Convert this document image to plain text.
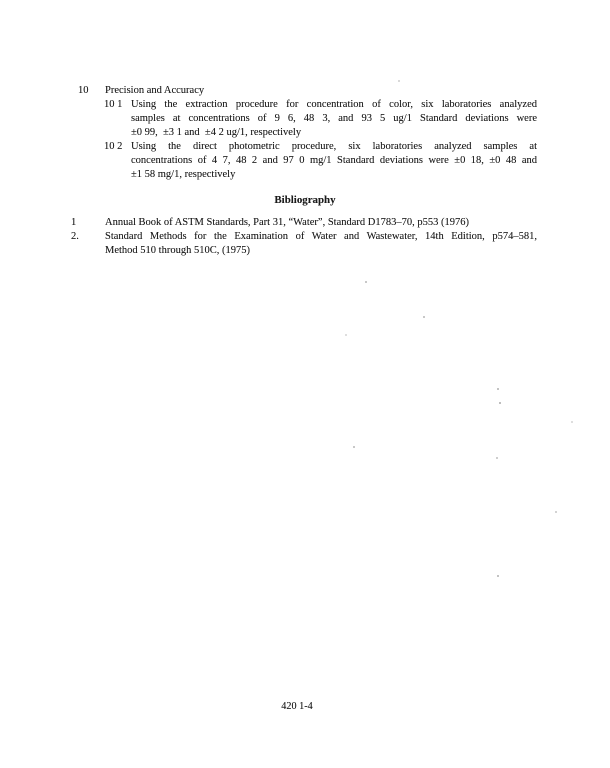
10 Precision and Accuracy
10 1 Using the extraction procedure for concentration of color, six laboratories analyzed
samples at concentrations of 9 6, 48 3, and 93 5 ug/1 Standard deviations were
±0 99, ±3 1 and ±4 2 ug/1, respectively
10 2 Using the direct photometric procedure, six laboratories analyzed samples at
concentrations of 4 7, 48 2 and 97 0 mg/1 Standard deviations were ±0 18, ±0 48 and
±1 58 mg/1, respectively
Bibliography
1	Annual Book of ASTM Standards, Part 31, “Water”, Standard D1783–70, p553 (1976)
2.	Standard Methods for the Examination of Water and Wastewater, 14th Edition, p574–581,
Method 510 through 510C, (1975)
420 1-4
